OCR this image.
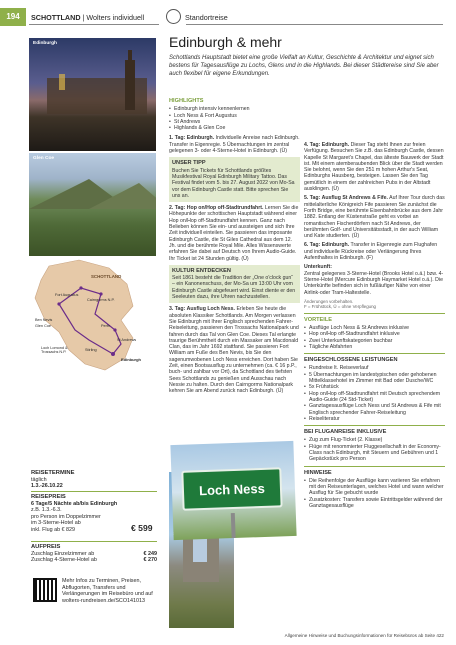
194	SCHOTTLAND | Wolters individuell	Standortreise
Edinburgh
Glen Coe
SCHOTTLAND
Ben Nevis
Glen Coe
Cairngorms N.P.
Loch Lomond & Trossachs N.P.
Fort Augustus
St Andrews
Stirling
Perth
Edinburgh
REISETERMINE
täglich
1.3.-26.10.22
REISEPREIS
6 Tage/5 Nächte ab/bis Edinburgh
z.B. 1.3.-6.3.
pro Person im Doppelzimmer
im 3-Sterne-Hotel ab
inkl. Flug ab € 829	€ 599
AUFPREIS
Zuschlag Einzelzimmer ab	€ 249
Zuschlag 4-Sterne-Hotel ab	€ 270
Mehr Infos zu Terminen, Preisen, Abflugorten, Transfers und Verlängerungen im Reisebüro und auf wolters-rundreisen.de/SCO141013
Edinburgh & mehr
Schottlands Hauptstadt bietet eine große Vielfalt an Kultur, Geschichte & Architektur und eignet sich bestens für Tagesausflüge zu Lochs, Glens und in die Highlands. Bei dieser Städtereise sind Sie aber auch flexibel für eigene Erkundungen.
HIGHLIGHTS
• Edinburgh intensiv kennenlernen
• Loch Ness & Fort Augustus
• St Andrews
• Highlands & Glen Coe

1. Tag: Edinburgh. Individuelle Anreise nach Edinburgh. Transfer in Eigenregie. 5 Übernachtungen im zentral gelegenen 3- oder 4-Sterne-Hotel in Edinburgh. (Ü)

UNSER TIPP
Buchen Sie Tickets für Schottlands größtes Musikfestival Royal Edinburgh Military Tattoo. Das Festival findet vom 5. bis 27. August 2022 von Mo-Sa vor dem Edinburgh Castle statt. Bitte sprechen Sie uns an.

2. Tag: Hop on/Hop off-Stadtrundfahrt. Lernen Sie die Höhepunkte der schottischen Hauptstadt während einer Hop on/Hop off-Stadtrundfahrt kennen. Ganz nach Belieben können Sie ein- und aussteigen und sich Ihre Zeit individuell einteilen. Sie passieren das imposante Edinburgh Castle, die St Giles Cathedral aus dem 12. Jh. und die berühmte Royal Mile. Alles Wissenswerte erfahren Sie dabei auf Deutsch von Ihrem Audio-Guide. Ihr Ticket ist 24 Stunden gültig. (Ü)

KULTUR ENTDECKEN
Seit 1861 besteht die Tradition der „One o'clock gun“ – ein Kanonenschuss, der Mo-Sa um 13:00 Uhr vom Edinburgh Castle abgefeuert wird. Einst diente er den Seeleuten dazu, ihre Uhren nachzustellen.

3. Tag: Ausflug Loch Ness. Erleben Sie heute die absoluten Klassiker Schottlands. Am Morgen verlassen Sie Edinburgh mit Ihrer Englisch sprechenden Fahrer-Reiseleitung, passieren den Trossachs Nationalpark und fahren durch das Tal von Glen Coe. Dieses Tal erlangte traurige Berühmtheit durch ein Massaker am Macdonald Clan, das im Jahr 1692 stattfand. Sie passieren Fort William am Fuße des Ben Nevis, bis Sie den sagenumwobenen Loch Ness erreichen. Dort haben Sie Zeit, einen Bootsausflug zu unternehmen (ca. € 16 p.P., buch- und zahlbar vor Ort), da Schottland des tiefsten Sees Schottlands zu genießen und Ausschau nach Nessie zu halten. Durch den Cairngorms Nationalpark kehren Sie am Abend zurück nach Edinburgh. (Ü)

4. Tag: Edinburgh. Dieser Tag steht Ihnen zur freien Verfügung. Besuchen Sie z.B. das Edinburgh Castle, dessen Kapelle St Margaret's Chapel, das älteste Bauwerk der Stadt ist. Mit einem atemberaubenden Blick über die Stadt werden Sie belohnt, wenn Sie den 251 m hohen Arthur's Seat, Edinburghs Hausberg, besteigen. Lassen Sie den Tag gemütlich in einem der zahlreichen Pubs in der Altstadt ausklingen. (Ü)

5. Tag: Ausflug St Andrews & Fife. Auf Ihrer Tour durch das mittelalterliche Königreich Fife passieren Sie zunächst die Forth Bridge, eine berühmte Eisenbahnbrücke aus dem Jahr 1882. Entlang der Küstenstraße geht es vorbei an romantischen Fischerdörfern nach St Andrews, der berühmten Golf- und Universitätsstadt, in der auch William und Kate studierten. (Ü)

6. Tag: Edinburgh. Transfer in Eigenregie zum Flughafen und individuelle Rückreise oder Verlängerung Ihres Aufenthaltes in Edinburgh. (F)

Unterkunft:
Zentral gelegenes 3-Sterne-Hotel (Brooks Hotel o.ä.) bzw. 4-Sterne-Hotel (Mercure Edinburgh Haymarket Hotel o.ä.). Die Unterkünfte befinden sich in fußläufiger Nähe von einer Airlink-oder Tram-Haltestelle.

Änderungen vorbehalten.
F = Frühstück, Ü = ohne Verpflegung
VORTEILE
• Ausflüge Loch Ness & St Andrews inklusive
• Hop on/Hop off-Stadtrundfahrt inklusive
• Zwei Unterkunftskategorien buchbar
• Tägliche Abfahrten
EINGESCHLOSSENE LEISTUNGEN
• Rundreise lt. Reiseverlauf
• 5 Übernachtungen im landestypischen oder gehobenen Mittelklassehotel im Zimmer mit Bad oder Dusche/WC
• 5x Frühstück
• Hop on/Hop off-Stadtrundfahrt mit Deutsch sprechendem Audio-Guide (24 Std-Ticket)
• Ganztagesausflüge Loch Ness und St Andrews & Fife mit Englisch sprechender Fahrer-Reiseleitung
• Reiseliteratur
BEI FLUGANREISE INKLUSIVE
• Zug zum Flug-Ticket (2. Klasse)
• Flüge mit renommierter Fluggesellschaft in der Economy-Class nach Edinburgh, mit Steuern und Gebühren und 1 Gepäckstück pro Person
HINWEISE
• Die Reihenfolge der Ausflüge kann variieren Sie erfahren mit den Reiseunterlagen, welches Hotel und wann welcher Ausflug für Sie gebucht wurde
• Zusatzkosten: Transfers sowie Eintrittsgelder während der Ganztagesausflüge
Loch Ness
Allgemeine Hinweise und Buchungsinformationen für Reisebüros ab Seite 422
